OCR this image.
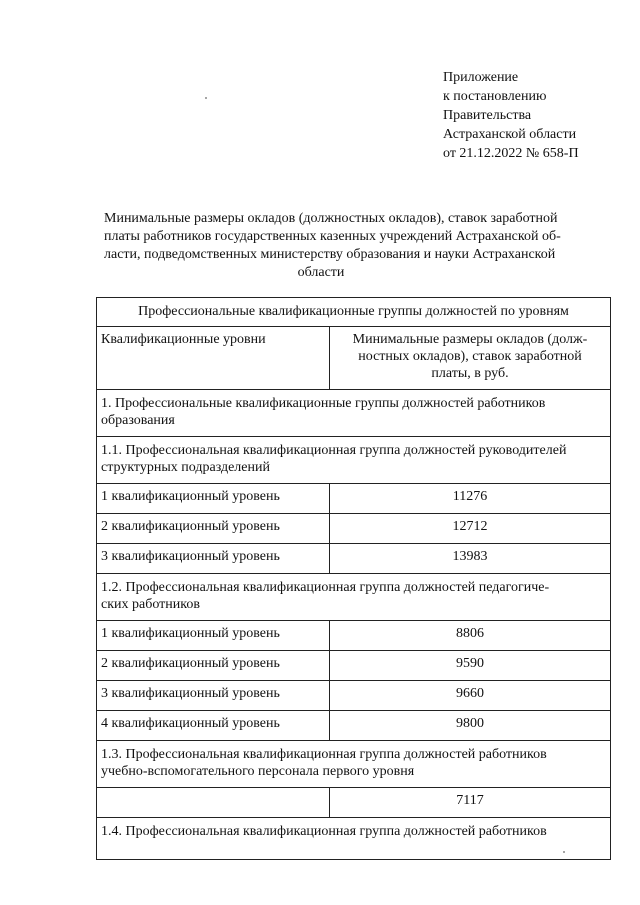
Приложение
к постановлению
Правительства
Астраханской области
от 21.12.2022 № 658-П
Минимальные размеры окладов (должностных окладов), ставок заработной
платы работников государственных казенных учреждений Астраханской об-
ласти, подведомственных министерству образования и науки Астраханской
области
Профессиональные квалификационные группы должностей по уровням	

Квалификационные уровни	Минимальные размеры окладов (долж-
ностных окладов), ставок заработной
платы, в руб.

1. Профессиональные квалификационные группы должностей работников
образования	

1.1. Профессиональная квалификационная группа должностей руководителей
структурных подразделений	

1 квалификационный уровень	11276
2 квалификационный уровень	12712
3 квалификационный уровень	13983

1.2. Профессиональная квалификационная группа должностей педагогиче-
ских работников	

1 квалификационный уровень	8806
2 квалификационный уровень	9590
3 квалификационный уровень	9660
4 квалификационный уровень	9800

1.3. Профессиональная квалификационная группа должностей работников
учебно-вспомогательного персонала первого уровня	

	7117

1.4. Профессиональная квалификационная группа должностей работников	
